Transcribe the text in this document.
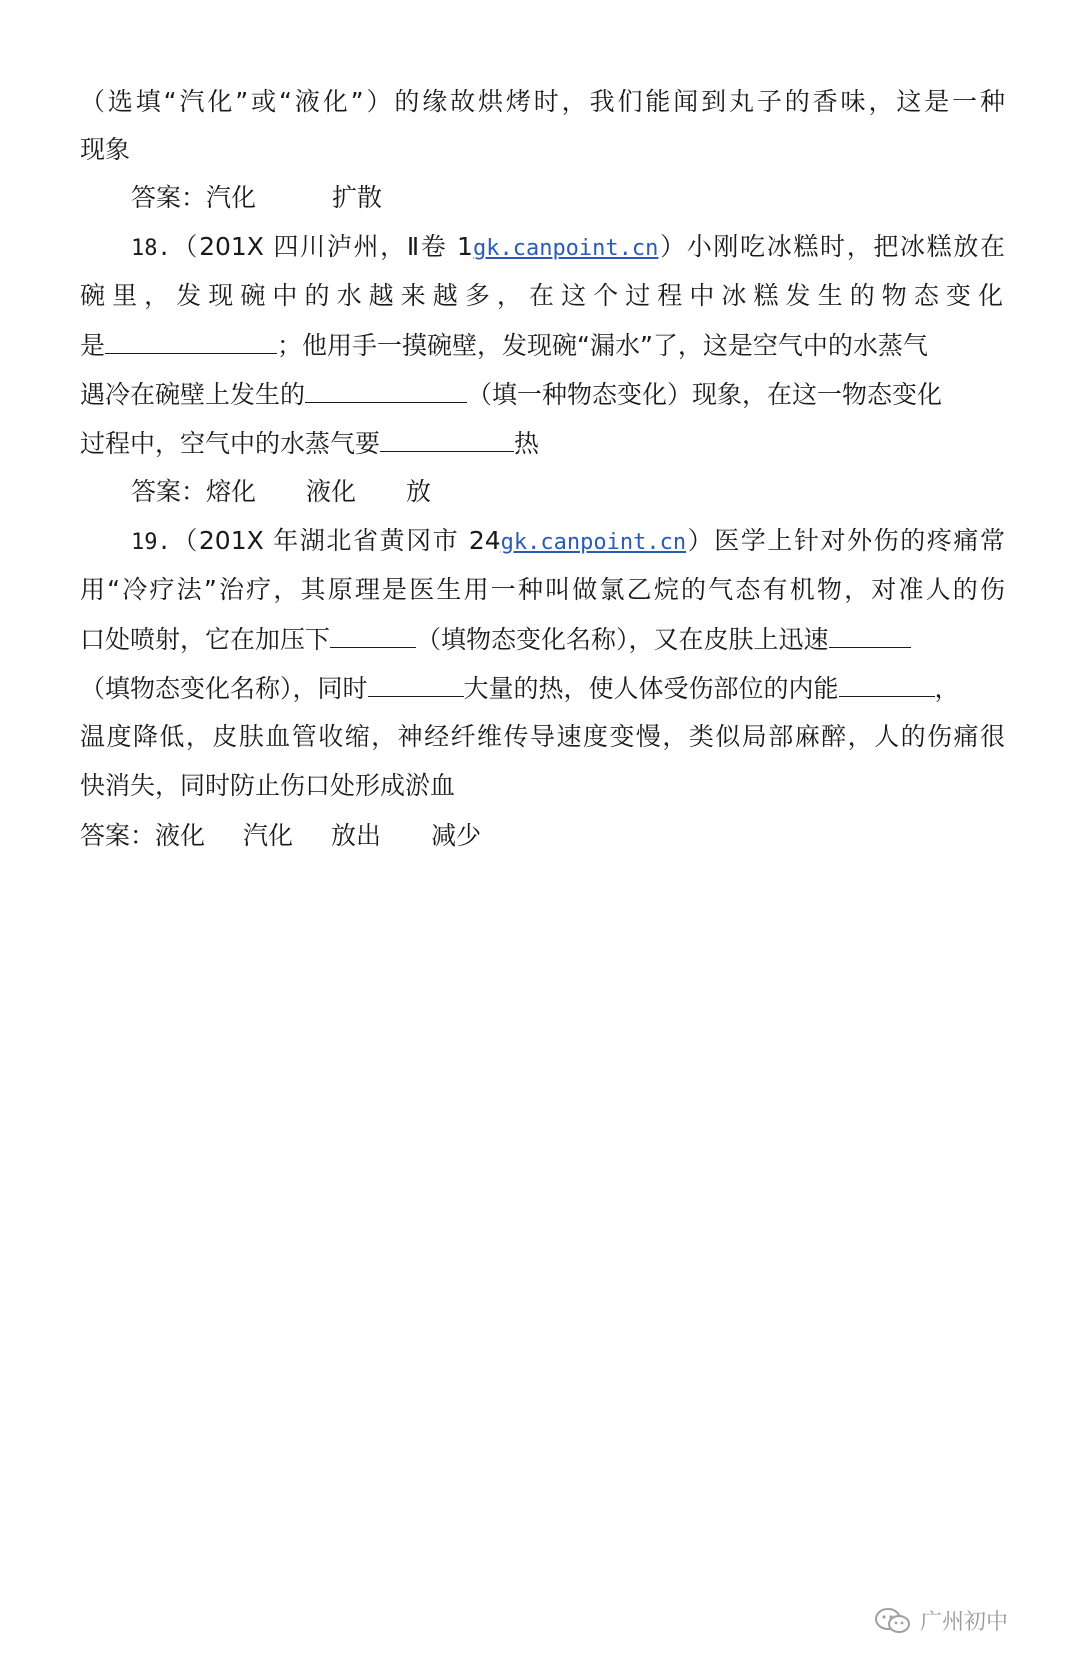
（选填“汽化”或“液化”）的缘故烘烤时，我们能闻到丸子的香味，这是一种
现象
答案：汽化	扩散
18.（201X 四川泸州，Ⅱ卷 1gk.canpoint.cn）小刚吃冰糕时，把冰糕放在
碗里，发现碗中的水越来越多，在这个过程中冰糕发生的物态变化
是	；他用手一摸碗壁，发现碗“漏水”了，这是空气中的水蒸气
遇冷在碗壁上发生的	（填一种物态变化）现象，在这一物态变化
过程中，空气中的水蒸气要	热
答案：熔化 液化 放
19.（201X 年湖北省黄冈市 24gk.canpoint.cn）医学上针对外伤的疼痛常
用“冷疗法”治疗，其原理是医生用一种叫做氯乙烷的气态有机物，对准人的伤
口处喷射，它在加压下	（填物态变化名称），又在皮肤上迅速
（填物态变化名称），同时	大量的热，使人体受伤部位的内能	，
温度降低，皮肤血管收缩，神经纤维传导速度变慢，类似局部麻醉，人的伤痛很
快消失，同时防止伤口处形成淤血
答案：液化 汽化 放出 减少
广州初中
